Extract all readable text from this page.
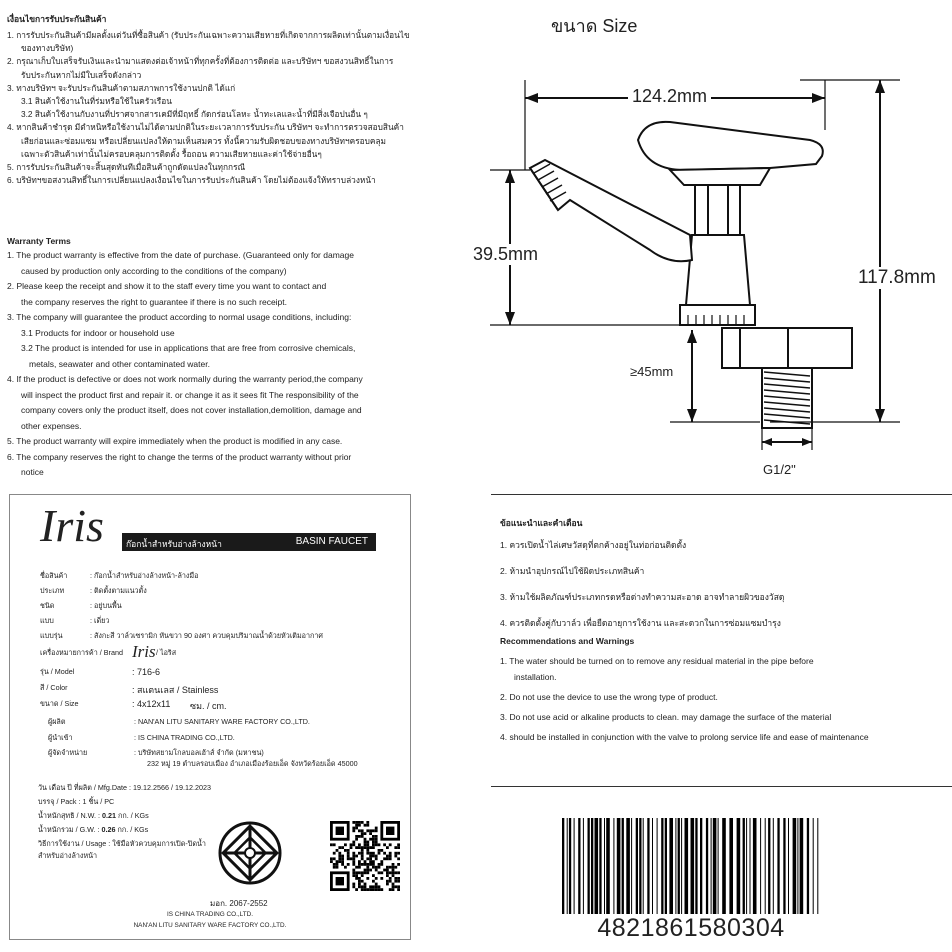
เงื่อนไขการรับประกันสินค้า
1. การรับประกันสินค้ามีผลตั้งแต่วันที่ซื้อสินค้า (รับประกันเฉพาะความเสียหายที่เกิดจากการผลิตเท่านั้นตามเงื่อนไข
ของทางบริษัท)
2. กรุณาเก็บใบเสร็จรับเงินและนำมาแสดงต่อเจ้าหน้าที่ทุกครั้งที่ต้องการติดต่อ และบริษัทฯ ขอสงวนสิทธิ์ในการ
รับประกันหากไม่มีใบเสร็จดังกล่าว
3. ทางบริษัทฯ จะรับประกันสินค้าตามสภาพการใช้งานปกติ ได้แก่
3.1 สินค้าใช้งานในที่ร่มหรือใช้ในครัวเรือน
3.2 สินค้าใช้งานกับงานที่ปราศจากสารเคมีที่มีฤทธิ์ กัดกร่อนโลหะ น้ำทะเลและน้ำที่มีสิ่งเจือปนอื่น ๆ
4. หากสินค้าชำรุด มีตำหนิหรือใช้งานไม่ได้ตามปกติในระยะเวลาการรับประกัน บริษัทฯ จะทำการตรวจสอบสินค้า
เสียก่อนและซ่อมแซม หรือเปลี่ยนแปลงให้ตามเห็นสมควร ทั้งนี้ความรับผิดชอบของทางบริษัทฯครอบคลุม
เฉพาะตัวสินค้าเท่านั้นไม่ครอบคลุมการติดตั้ง รื้อถอน ความเสียหายและค่าใช้จ่ายอื่นๆ
5. การรับประกันสินค้าจะสิ้นสุดทันทีเมื่อสินค้าถูกดัดแปลงในทุกกรณี
6. บริษัทฯขอสงวนสิทธิ์ในการเปลี่ยนแปลงเงื่อนไขในการรับประกันสินค้า โดยไม่ต้องแจ้งให้ทราบล่วงหน้า
Warranty Terms
1. The product warranty is effective from the date of purchase. (Guaranteed only for damage
caused by production only according to the conditions of the company)
2. Please keep the receipt and show it to the staff every time you want to contact and
the company reserves the right to guarantee if there is no such receipt.
3. The company will guarantee the product according to normal usage conditions, including:
3.1 Products for indoor or household use
3.2 The product is intended for use in applications that are free from corrosive chemicals,
metals, seawater and other contaminated water.
4. If the product is defective or does not work normally during the warranty period,the company
will inspect the product first and repair it. or change it as it sees fit The responsibility of the
company covers only the product itself, does not cover installation,demolition, damage and
other expenses.
5. The product warranty will expire immediately when the product is modified in any case.
6. The company reserves the right to change the terms of the product warranty without prior
notice
Iris	ก๊อกน้ำสำหรับอ่างล้างหน้า	BASIN FAUCET
ชื่อสินค้า	: ก๊อกน้ำสำหรับอ่างล้างหน้า-ล้างมือ
ประเภท	: ติดตั้งตามแนวตั้ง
ชนิด	: อยู่บนพื้น
แบบ	: เดี่ยว
แบบรุ่น	: สังกะสี วาล์วเซรามิก หันขวา 90 องศา ควบคุมปริมาณน้ำด้วยหัวเติมอากาศ
เครื่องหมายการค้า / Brand Iris / ไอริส
รุ่น / Model	: 716-6
สี / Color	: สแตนเลส / Stainless
ขนาด / Size	: 4x12x11 ซม. / cm.
ผู้ผลิต	: NAN'AN LITU SANITARY WARE FACTORY CO.,LTD.
ผู้นำเข้า	: IS CHINA TRADING CO.,LTD.
ผู้จัดจำหน่าย	: บริษัทสยามโกลบอลเฮ้าส์ จำกัด (มหาชน)
232 หมู่ 19 ตำบลรอบเมือง อำเภอเมืองร้อยเอ็ด จังหวัดร้อยเอ็ด 45000
วัน เดือน ปี ที่ผลิต / Mfg.Date : 19.12.2566 / 19.12.2023
บรรจุ / Pack : 1 ชิ้น / PC
น้ำหนักสุทธิ / N.W. : 0.21 กก. / KGs
น้ำหนักรวม / G.W. : 0.26 กก. / KGs
วิธีการใช้งาน / Usage : ใช้มือหัวควบคุมการเปิด-ปิดน้ำ
สำหรับอ่างล้างหน้า
มอก. 2067-2552
IS CHINA TRADING CO.,LTD.
NAN'AN LITU SANITARY WARE FACTORY CO.,LTD.
ขนาด Size
124.2mm
117.8mm
39.5mm
≥45mm
G1/2"
ข้อแนะนำและคำเตือน
1. ควรเปิดน้ำไล่เศษวัสดุที่ตกค้างอยู่ในท่อก่อนติดตั้ง
2. ห้ามนำอุปกรณ์ไปใช้ผิดประเภทสินค้า
3. ห้ามใช้ผลิตภัณฑ์ประเภทกรดหรือด่างทำความสะอาด อาจทำลายผิวของวัสดุ
4. ควรติดตั้งคู่กับวาล์ว เพื่อยืดอายุการใช้งาน และสะดวกในการซ่อมแซมบำรุง
Recommendations and Warnings
1. The water should be turned on to remove any residual material in the pipe before
installation.
2. Do not use the device to use the wrong type of product.
3. Do not use acid or alkaline products to clean. may damage the surface of the material
4. should be installed in conjunction with the valve to prolong service life and ease of maintenance
4821861580304
